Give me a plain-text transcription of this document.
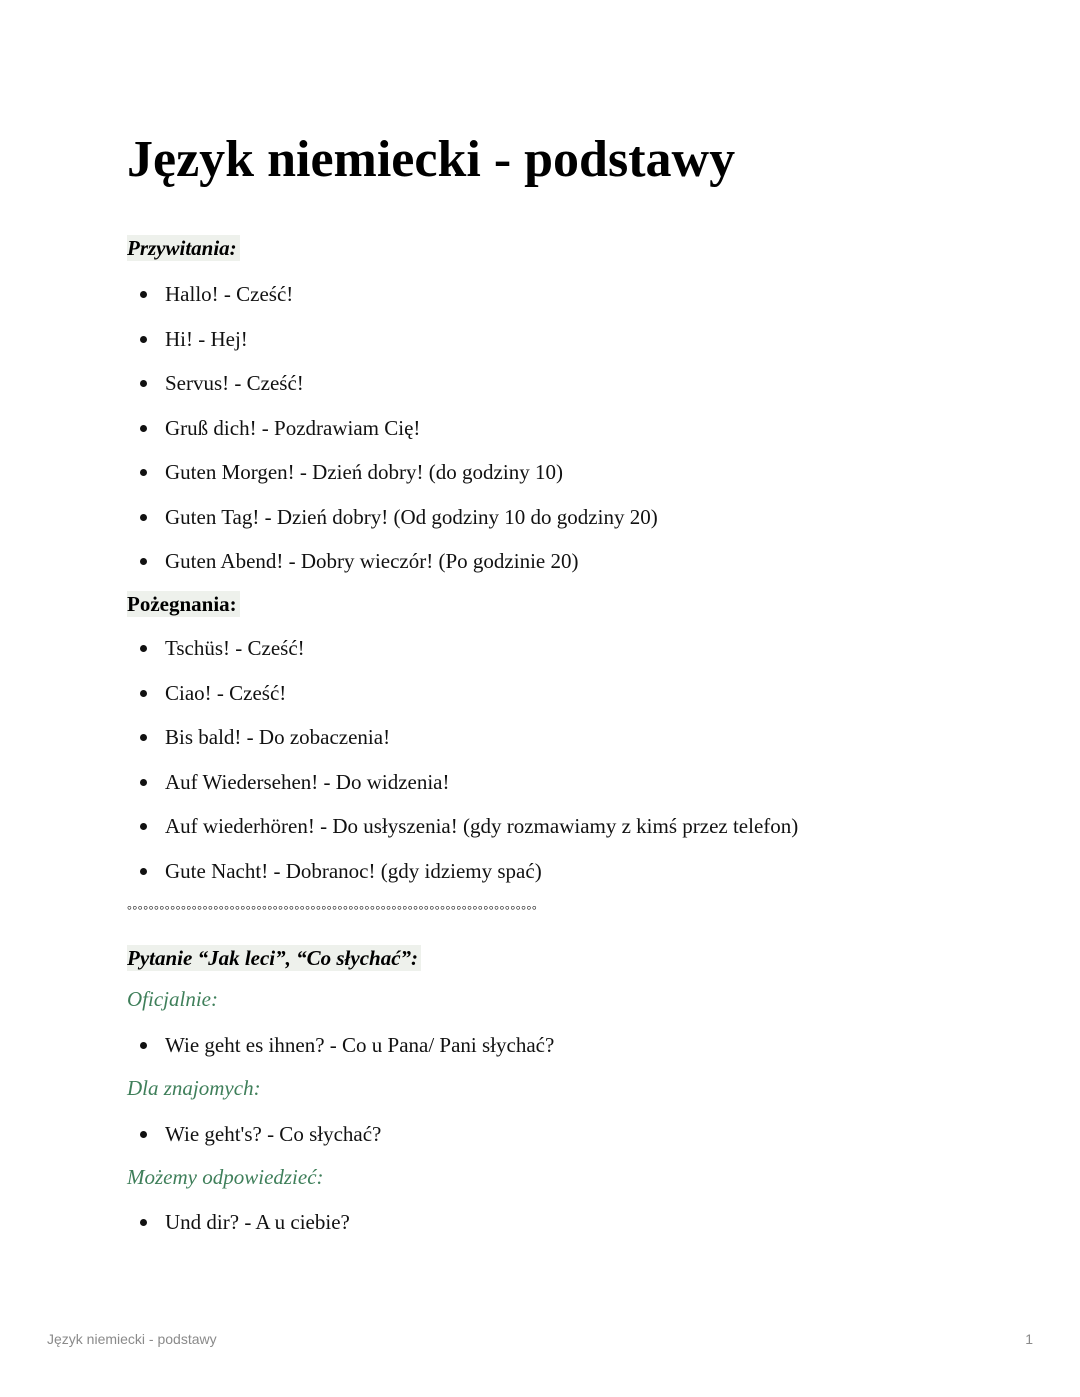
Język niemiecki - podstawy
Przywitania:
Hallo! - Cześć!
Hi! - Hej!
Servus! - Cześć!
Gruß dich! - Pozdrawiam Cię!
Guten Morgen! - Dzień dobry! (do godziny 10)
Guten Tag! - Dzień dobry! (Od godziny 10 do godziny 20)
Guten Abend! - Dobry wieczór! (Po godzinie 20)
Pożegnania:
Tschüs! - Cześć!
Ciao! - Cześć!
Bis bald! - Do zobaczenia!
Auf Wiedersehen! - Do widzenia!
Auf wiederhören! - Do usłyszenia! (gdy rozmawiamy z kimś przez telefon)
Gute Nacht! - Dobranoc! (gdy idziemy spać)
°°°°°°°°°°°°°°°°°°°°°°°°°°°°°°°°°°°°°°°°°°°°°°°°°°°°°°°°°°°°°°°°°°°°°°°°°°°°
Pytanie “Jak leci”, “Co słychać”:
Oficjalnie:
Wie geht es ihnen? - Co u Pana/ Pani słychać?
Dla znajomych:
Wie geht's? - Co słychać?
Możemy odpowiedzieć:
Und dir? - A u ciebie?
Język niemiecki - podstawy	1
